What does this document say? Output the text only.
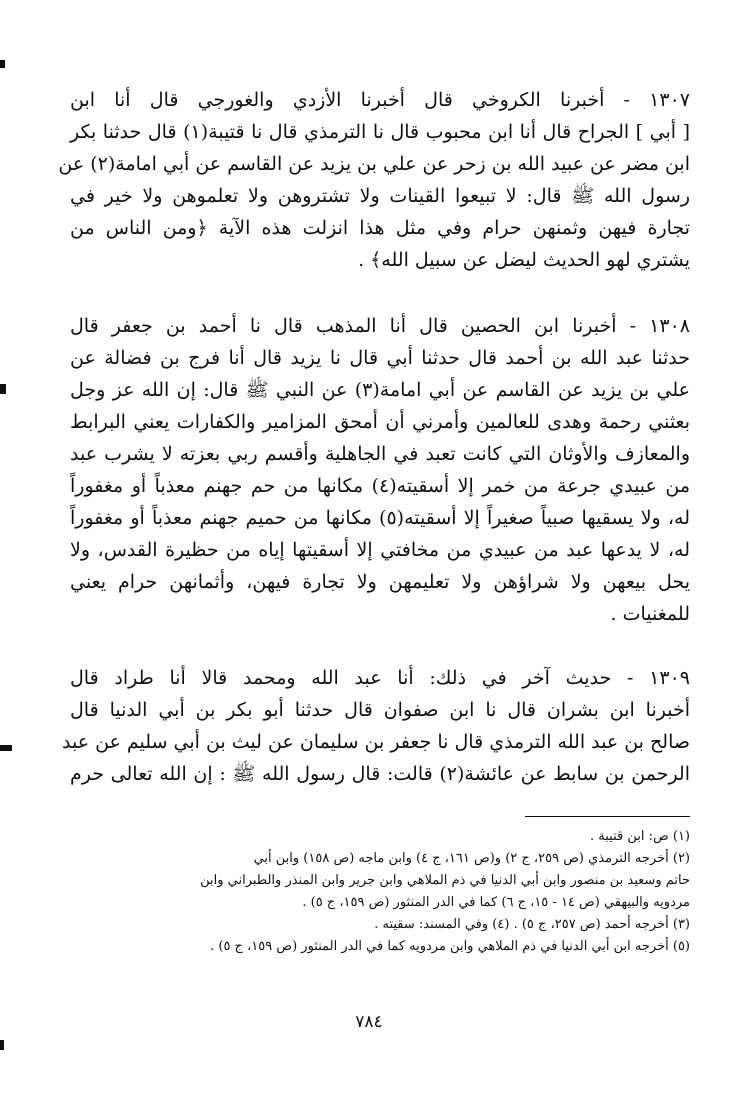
١٣٠٧ - أخبرنا الكروخي قال أخبرنا الأزدي والغورجي قال أنا ابن
[ أبي ] الجراح قال أنا ابن محبوب قال نا الترمذي قال نا قتيبة(١) قال حدثنا بكر
ابن مضر عن عبيد الله بن زحر عن علي بن يزيد عن القاسم عن أبي امامة(٢) عن
رسول الله ﷺ قال: لا تبيعوا القينات ولا تشتروهن ولا تعلموهن ولا خير في
تجارة فيهن وثمنهن حرام وفي مثل هذا انزلت هذه الآية ﴿ومن الناس من
يشتري لهو الحديث ليضل عن سبيل الله﴾ .

١٣٠٨ - أخبرنا ابن الحصين قال أنا المذهب قال نا أحمد بن جعفر قال
حدثنا عبد الله بن أحمد قال حدثنا أبي قال نا يزيد قال أنا فرج بن فضالة عن
علي بن يزيد عن القاسم عن أبي امامة(٣) عن النبي ﷺ قال: إن الله عز وجل
بعثني رحمة وهدى للعالمين وأمرني أن أمحق المزامير والكفارات يعني البرابط
والمعازف والأوثان التي كانت تعبد في الجاهلية وأقسم ربي بعزته لا يشرب عبد
من عبيدي جرعة من خمر إلا أسقيته(٤) مكانها من حم جهنم معذباً أو مغفوراً
له، ولا يسقيها صبياً صغيراً إلا أسقيته(٥) مكانها من حميم جهنم معذباً أو مغفوراً
له، لا يدعها عبد من عبيدي من مخافتي إلا أسقيتها إياه من حظيرة القدس، ولا
يحل بيعهن ولا شراؤهن ولا تعليمهن ولا تجارة فيهن، وأثمانهن حرام يعني
للمغنيات .

١٣٠٩ - حديث آخر في ذلك: أنا عبد الله ومحمد قالا أنا طراد قال
أخبرنا ابن بشران قال نا ابن صفوان قال حدثنا أبو بكر بن أبي الدنيا قال
صالح بن عبد الله الترمذي قال نا جعفر بن سليمان عن ليث بن أبي سليم عن عبد
الرحمن بن سابط عن عائشة(٢) قالت: قال رسول الله ﷺ : إن الله تعالى حرم

(١) ص: ابن قتيبة .
(٢) أخرجه الترمذي (ص ٢٥٩، ج ٢) و(ص ١٦١، ج ٤) وابن ماجه (ص ١٥٨) وابن أبي
حاتم وسعيد بن منصور وابن أبي الدنيا في ذم الملاهي وابن جرير وابن المنذر والطبراني وابن
مردويه والبيهقي (ص ١٤ - ١٥، ج ٦) كما في الدر المنثور (ص ١٥٩، ج ٥) .
(٣) أخرجه أحمد (ص ٢٥٧، ج ٥) . (٤) وفي المسند: سقيته .
(٥) أخرجه ابن أبي الدنيا في ذم الملاهي وابن مردويه كما في الدر المنثور (ص ١٥٩، ج ٥) .
٧٨٤
